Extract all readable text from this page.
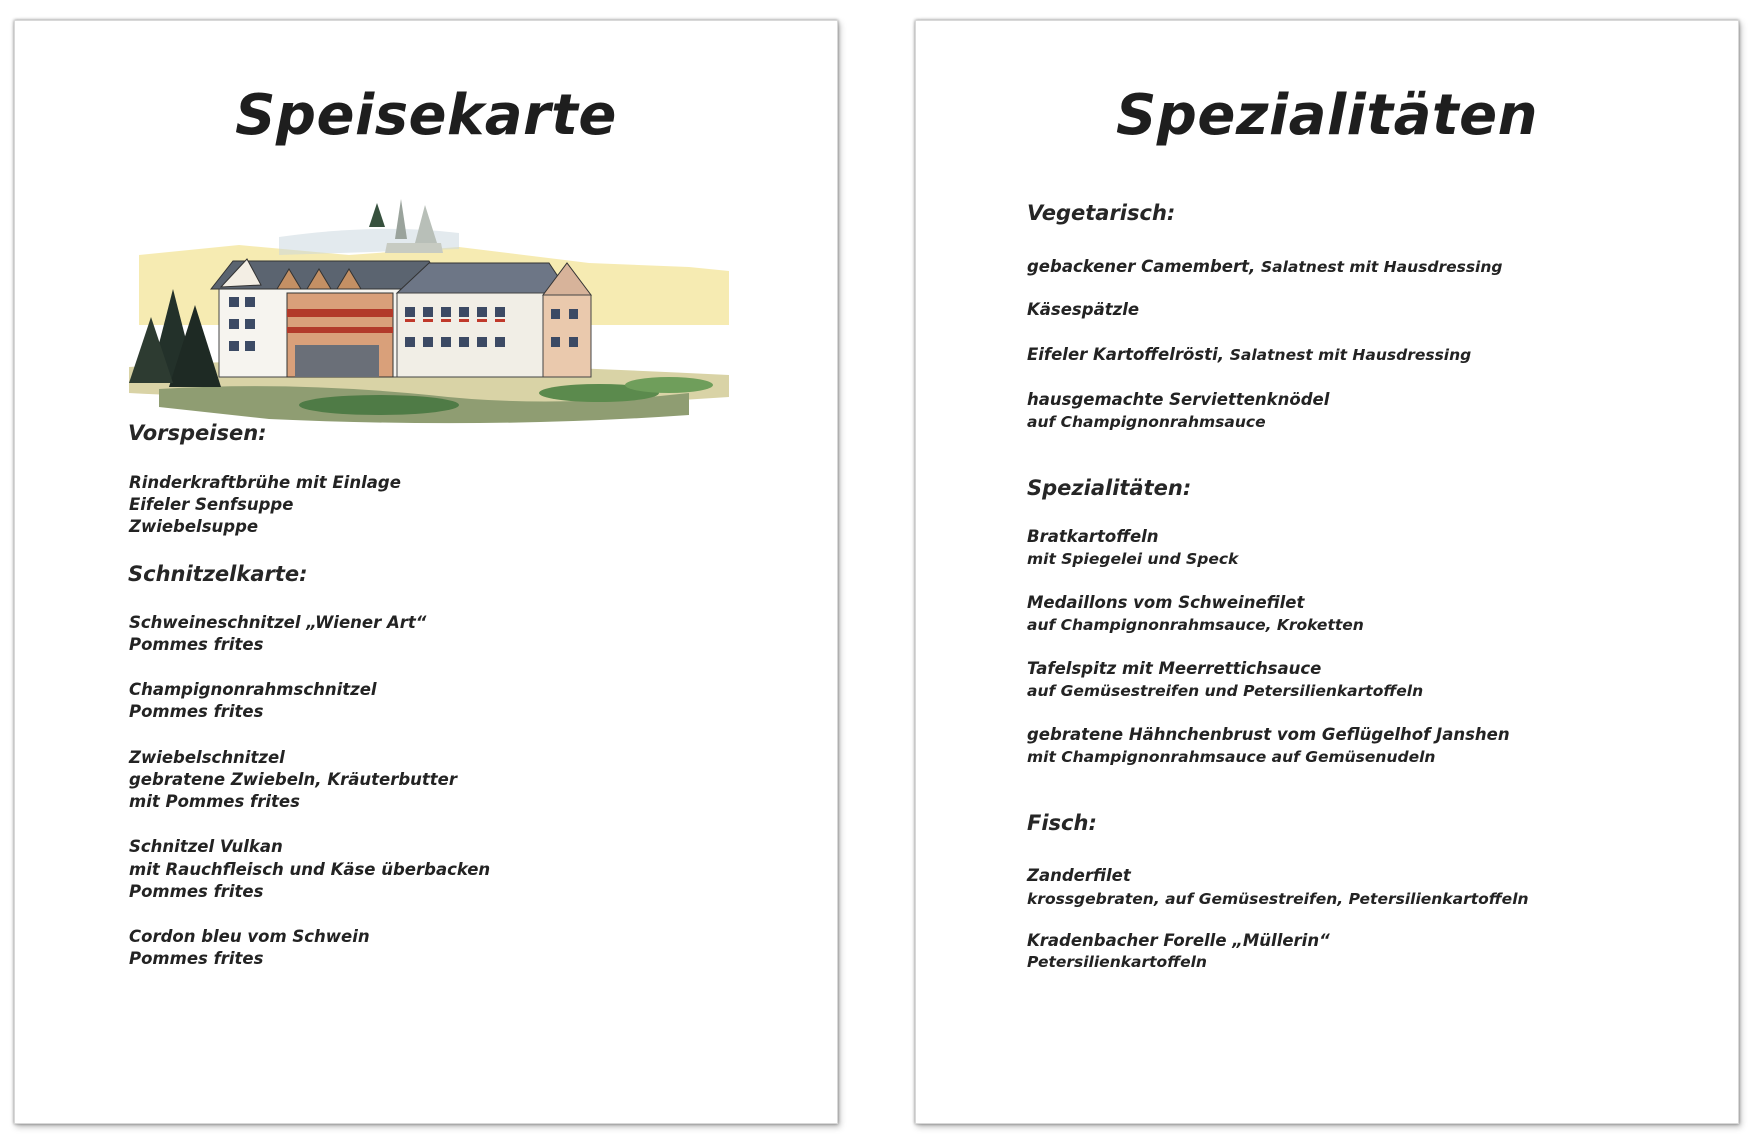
Speisekarte
Vorspeisen:

Rinderkraftbrühe mit Einlage

Eifeler Senfsuppe

Zwiebelsuppe

Schnitzelkarte:

Schweineschnitzel „Wiener Art“

Pommes frites

Champignonrahmschnitzel

Pommes frites

Zwiebelschnitzel

gebratene Zwiebeln, Kräuterbutter

mit Pommes frites

Schnitzel Vulkan

mit Rauchfleisch und Käse überbacken

Pommes frites

Cordon bleu vom Schwein

Pommes frites

Spezialitäten
Vegetarisch:

gebackener Camembert, Salatnest mit Hausdressing

Käsespätzle

Eifeler Kartoffelrösti, Salatnest mit Hausdressing

hausgemachte Serviettenknödel

auf Champignonrahmsauce

Spezialitäten:

Bratkartoffeln

mit Spiegelei und Speck

Medaillons vom Schweinefilet

auf Champignonrahmsauce, Kroketten

Tafelspitz mit Meerrettichsauce

auf Gemüsestreifen und Petersilienkartoffeln

gebratene Hähnchenbrust vom Geflügelhof Janshen

mit Champignonrahmsauce auf Gemüsenudeln

Fisch:

Zanderfilet

krossgebraten, auf Gemüsestreifen, Petersilienkartoffeln

Kradenbacher Forelle „Müllerin“

Petersilienkartoffeln
